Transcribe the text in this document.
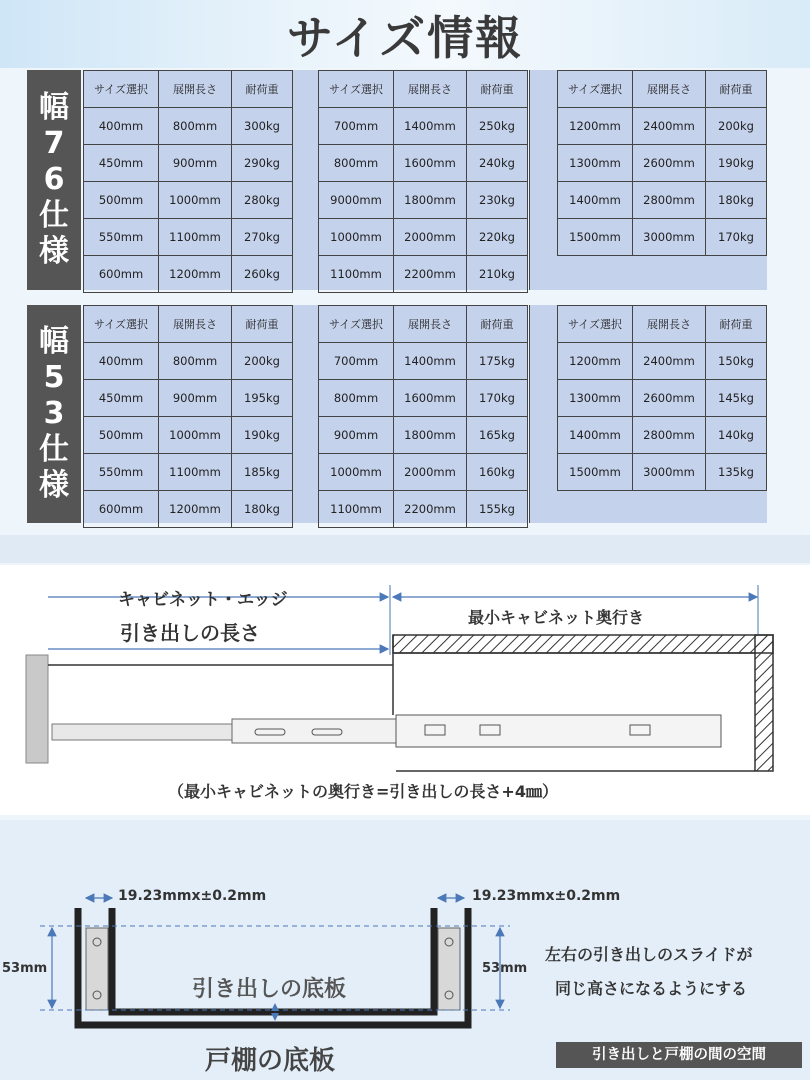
サイズ情報
幅
7
6
仕
様
サイズ選択	展開長さ	耐荷重
400mm	800mm	300kg
450mm	900mm	290kg
500mm	1000mm	280kg
550mm	1100mm	270kg
600mm	1200mm	260kg
サイズ選択	展開長さ	耐荷重
700mm	1400mm	250kg
800mm	1600mm	240kg
9000mm	1800mm	230kg
1000mm	2000mm	220kg
1100mm	2200mm	210kg
サイズ選択	展開長さ	耐荷重
1200mm	2400mm	200kg
1300mm	2600mm	190kg
1400mm	2800mm	180kg
1500mm	3000mm	170kg
幅
5
3
仕
様
サイズ選択	展開長さ	耐荷重
400mm	800mm	200kg
450mm	900mm	195kg
500mm	1000mm	190kg
550mm	1100mm	185kg
600mm	1200mm	180kg
サイズ選択	展開長さ	耐荷重
700mm	1400mm	175kg
800mm	1600mm	170kg
900mm	1800mm	165kg
1000mm	2000mm	160kg
1100mm	2200mm	155kg
サイズ選択	展開長さ	耐荷重
1200mm	2400mm	150kg
1300mm	2600mm	145kg
1400mm	2800mm	140kg
1500mm	3000mm	135kg
キャビネット・エッジ
引き出しの長さ
最小キャビネット奥行き
（最小キャビネットの奥行き=引き出しの長さ+4㎜）
19.23mmx±0.2mm	19.23mmx±0.2mm
53mm	53mm
引き出しの底板
戸棚の底板
左右の引き出しのスライドが
同じ高さになるようにする
引き出しと戸棚の間の空間
